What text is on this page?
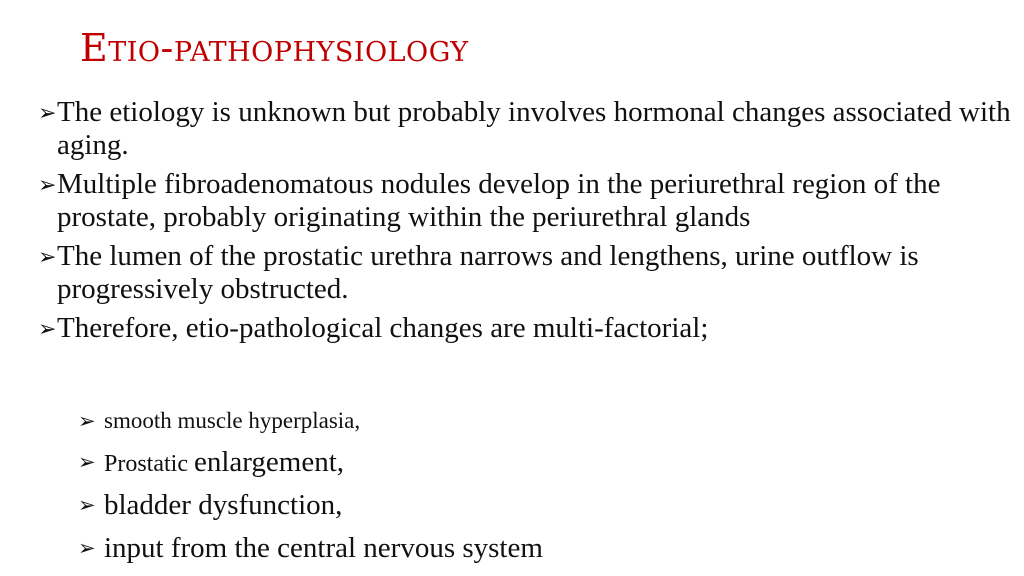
Etio-pathophysiology
➢ The etiology is unknown but probably involves hormonal changes associated with aging.
➢ Multiple fibroadenomatous nodules develop in the periurethral region of the prostate, probably originating within the periurethral glands
➢ The lumen of the prostatic urethra narrows and lengthens, urine outflow is progressively obstructed.
➢ Therefore, etio-pathological changes are multi-factorial;
➢ smooth muscle hyperplasia,
➢ Prostatic enlargement,
➢ bladder dysfunction,
➢ input from the central nervous system
